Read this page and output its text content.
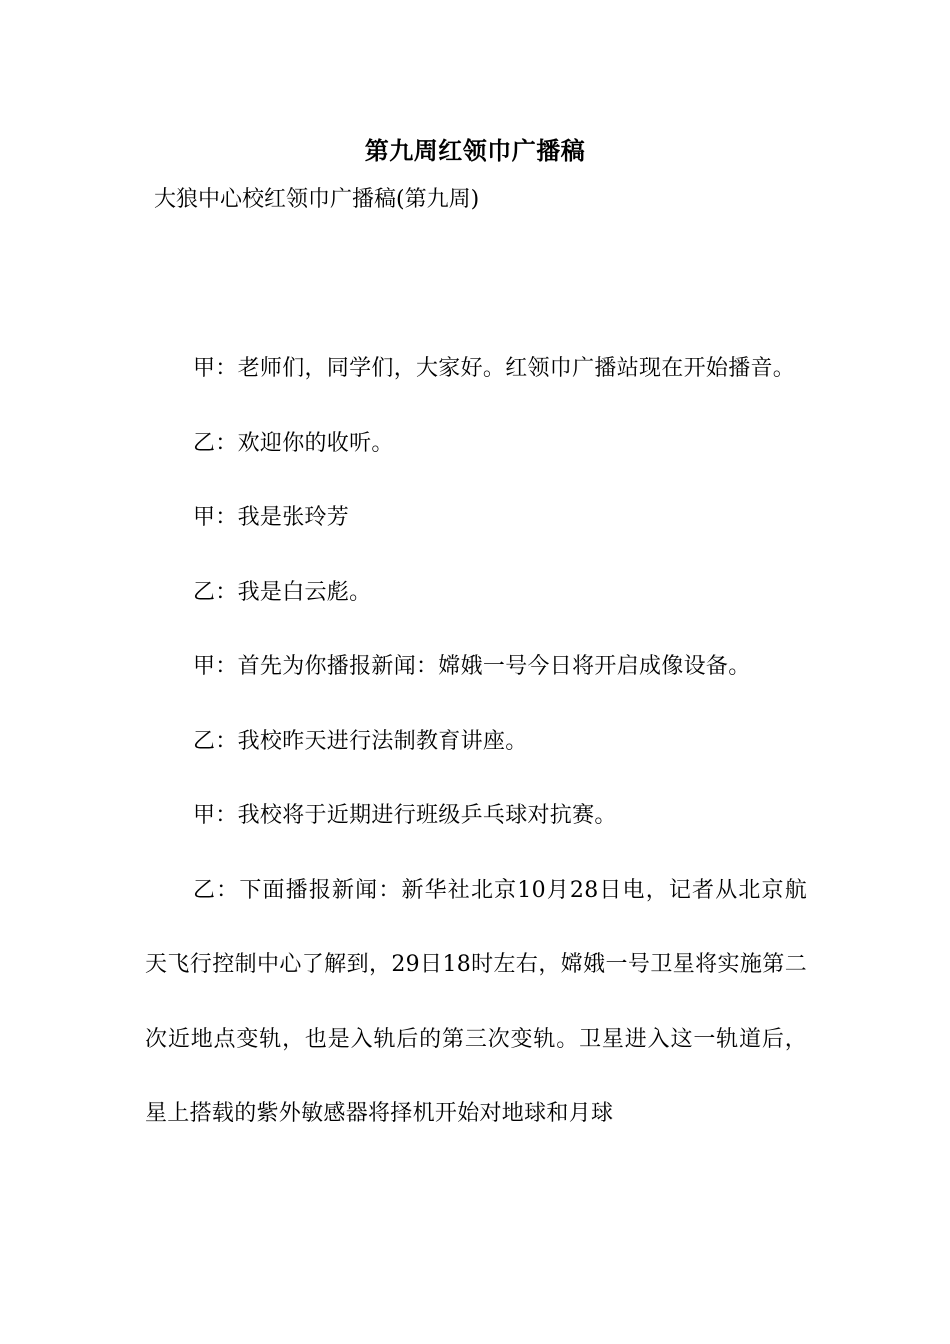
第九周红领巾广播稿
大狼中心校红领巾广播稿(第九周)

甲：老师们，同学们，大家好。红领巾广播站现在开始播音。

乙：欢迎你的收听。

甲：我是张玲芳

乙：我是白云彪。

甲：首先为你播报新闻：嫦娥一号今日将开启成像设备。

乙：我校昨天进行法制教育讲座。

甲：我校将于近期进行班级乒乓球对抗赛。

乙：下面播报新闻：新华社北京10月28日电，记者从北京航天飞行控制中心了解到，29日18时左右，嫦娥一号卫星将实施第二次近地点变轨，也是入轨后的第三次变轨。卫星进入这一轨道后，星上搭载的紫外敏感器将择机开始对地球和月球
